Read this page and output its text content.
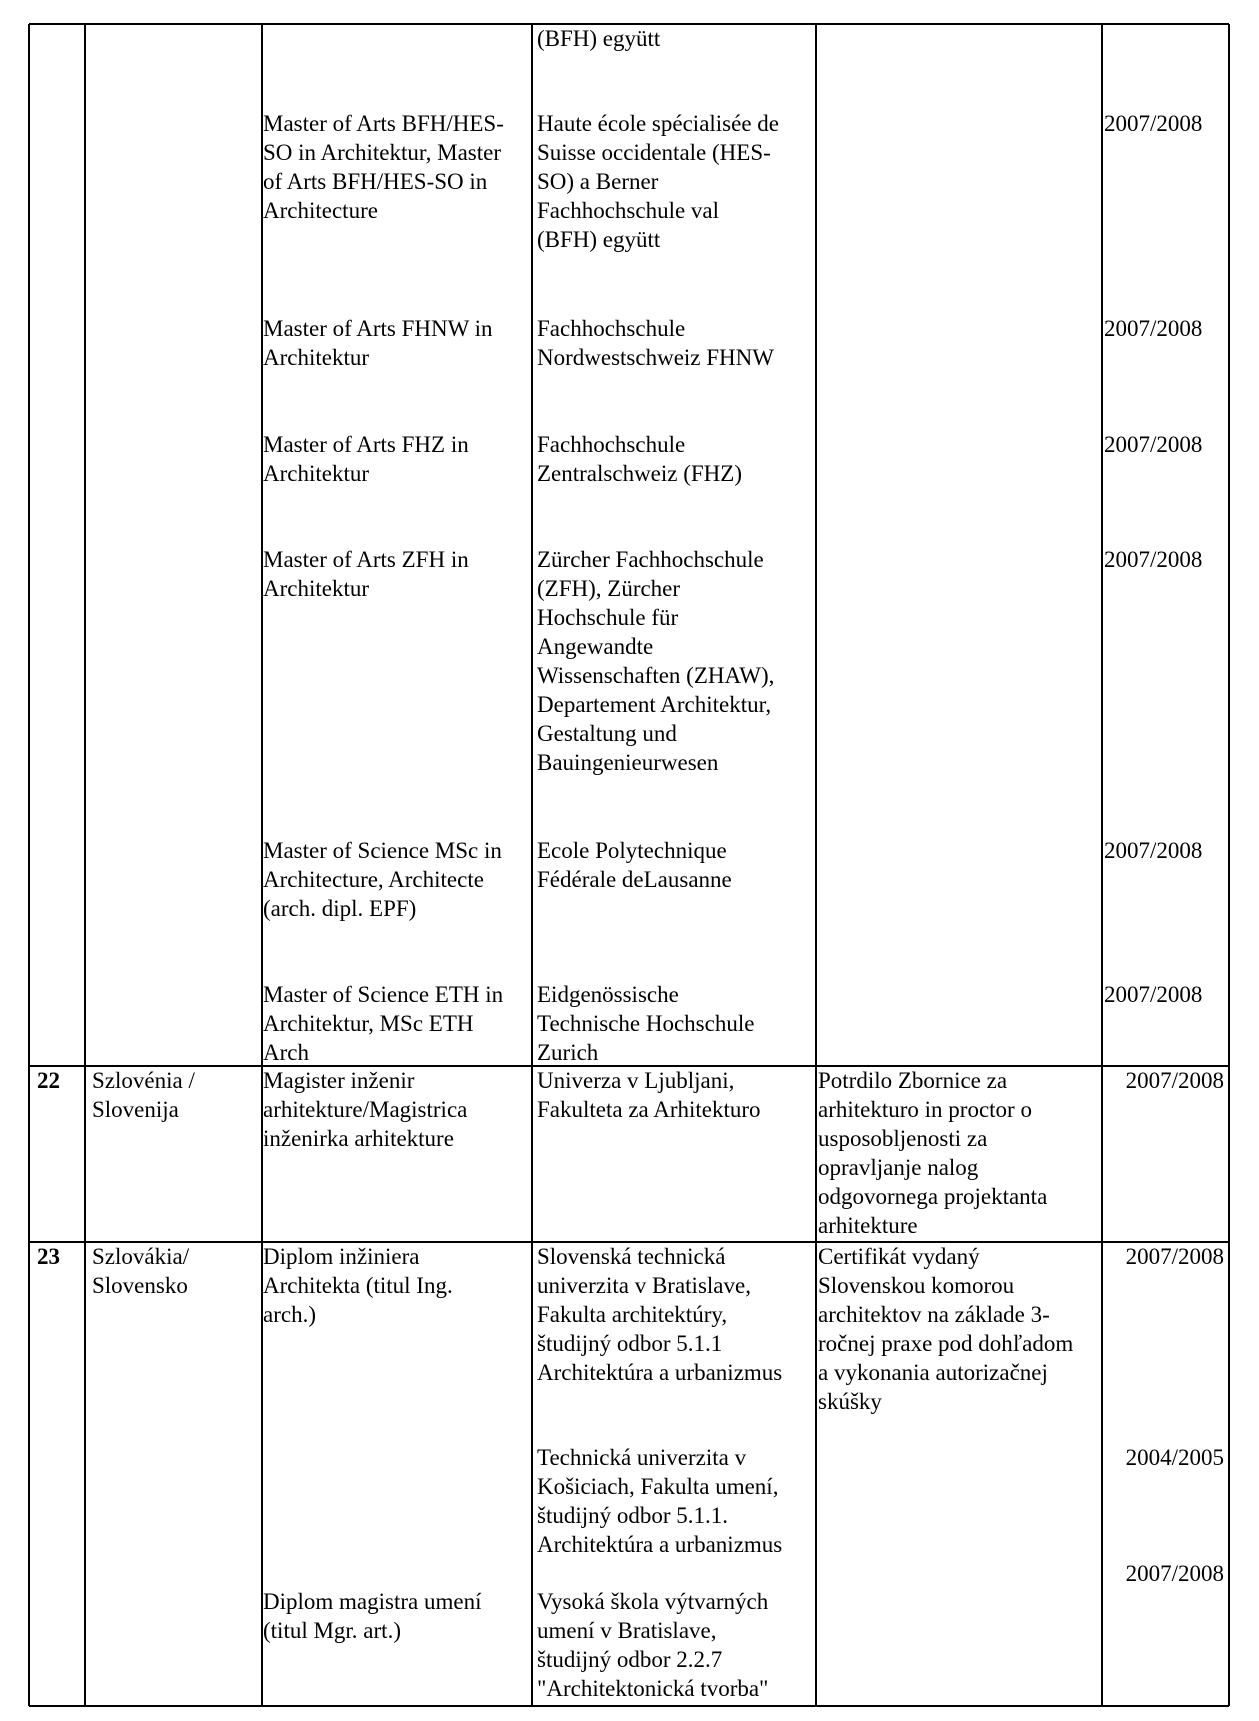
(BFH) együtt
Master of Arts BFH/HES-
SO in Architektur, Master
of Arts BFH/HES-SO in
Architecture
Haute école spécialisée de
Suisse occidentale (HES-
SO) a Berner
Fachhochschule val
(BFH) együtt
2007/2008
Master of Arts FHNW in
Architektur
Fachhochschule
Nordwestschweiz FHNW
2007/2008
Master of Arts FHZ in
Architektur
Fachhochschule
Zentralschweiz (FHZ)
2007/2008
Master of Arts ZFH in
Architektur
Zürcher Fachhochschule
(ZFH), Zürcher
Hochschule für
Angewandte
Wissenschaften (ZHAW),
Departement Architektur,
Gestaltung und
Bauingenieurwesen
2007/2008
Master of Science MSc in
Architecture, Architecte
(arch. dipl. EPF)
Ecole Polytechnique
Fédérale deLausanne
2007/2008
Master of Science ETH in
Architektur, MSc ETH
Arch
Eidgenössische
Technische Hochschule
Zurich
2007/2008
22 Szlovénia /
Slovenija
Magister inženir
arhitekture/Magistrica
inženirka arhitekture
Univerza v Ljubljani,
Fakulteta za Arhitekturo
Potrdilo Zbornice za
arhitekturo in proctor o
usposobljenosti za
opravljanje nalog
odgovornega projektanta
arhitekture
2007/2008
23 Szlovákia/
Slovensko
Diplom inžiniera
Architekta (titul Ing.
arch.)
Slovenská technická
univerzita v Bratislave,
Fakulta architektúry,
študijný odbor 5.1.1
Architektúra a urbanizmus
Certifikát vydaný
Slovenskou komorou
architektov na základe 3-
ročnej praxe pod dohľadom
a vykonania autorizačnej
skúšky
2007/2008
Technická univerzita v
Košiciach, Fakulta umení,
študijný odbor 5.1.1.
Architektúra a urbanizmus
2004/2005
Diplom magistra umení
(titul Mgr. art.)
Vysoká škola výtvarných
umení v Bratislave,
študijný odbor 2.2.7
"Architektonická tvorba"
2007/2008
